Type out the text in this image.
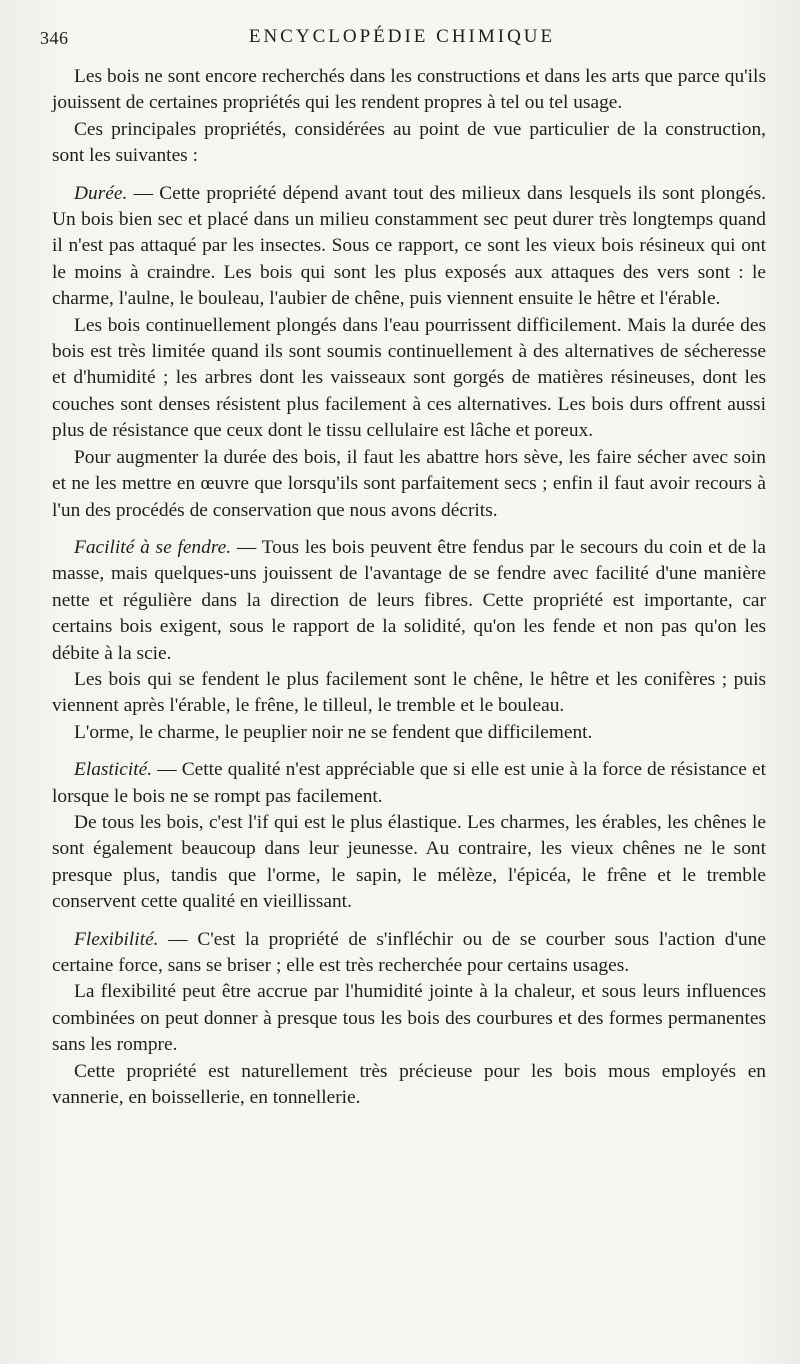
346	ENCYCLOPÉDIE CHIMIQUE

Les bois ne sont encore recherchés dans les constructions et dans les arts que parce qu'ils jouissent de certaines propriétés qui les rendent propres à tel ou tel usage.

Ces principales propriétés, considérées au point de vue particulier de la construction, sont les suivantes :

Durée. — Cette propriété dépend avant tout des milieux dans lesquels ils sont plongés. Un bois bien sec et placé dans un milieu constamment sec peut durer très longtemps quand il n'est pas attaqué par les insectes. Sous ce rapport, ce sont les vieux bois résineux qui ont le moins à craindre. Les bois qui sont les plus exposés aux attaques des vers sont : le charme, l'aulne, le bouleau, l'aubier de chêne, puis viennent ensuite le hêtre et l'érable.

Les bois continuellement plongés dans l'eau pourrissent difficilement. Mais la durée des bois est très limitée quand ils sont soumis continuellement à des alternatives de sécheresse et d'humidité ; les arbres dont les vaisseaux sont gorgés de matières résineuses, dont les couches sont denses résistent plus facilement à ces alternatives. Les bois durs offrent aussi plus de résistance que ceux dont le tissu cellulaire est lâche et poreux.

Pour augmenter la durée des bois, il faut les abattre hors sève, les faire sécher avec soin et ne les mettre en œuvre que lorsqu'ils sont parfaitement secs ; enfin il faut avoir recours à l'un des procédés de conservation que nous avons décrits.

Facilité à se fendre. — Tous les bois peuvent être fendus par le secours du coin et de la masse, mais quelques-uns jouissent de l'avantage de se fendre avec facilité d'une manière nette et régulière dans la direction de leurs fibres. Cette propriété est importante, car certains bois exigent, sous le rapport de la solidité, qu'on les fende et non pas qu'on les débite à la scie.

Les bois qui se fendent le plus facilement sont le chêne, le hêtre et les conifères ; puis viennent après l'érable, le frêne, le tilleul, le tremble et le bouleau.

L'orme, le charme, le peuplier noir ne se fendent que difficilement.

Elasticité. — Cette qualité n'est appréciable que si elle est unie à la force de résistance et lorsque le bois ne se rompt pas facilement.

De tous les bois, c'est l'if qui est le plus élastique. Les charmes, les érables, les chênes le sont également beaucoup dans leur jeunesse. Au contraire, les vieux chênes ne le sont presque plus, tandis que l'orme, le sapin, le mélèze, l'épicéa, le frêne et le tremble conservent cette qualité en vieillissant.

Flexibilité. — C'est la propriété de s'infléchir ou de se courber sous l'action d'une certaine force, sans se briser ; elle est très recherchée pour certains usages.

La flexibilité peut être accrue par l'humidité jointe à la chaleur, et sous leurs influences combinées on peut donner à presque tous les bois des courbures et des formes permanentes sans les rompre.

Cette propriété est naturellement très précieuse pour les bois mous employés en vannerie, en boissellerie, en tonnellerie.
